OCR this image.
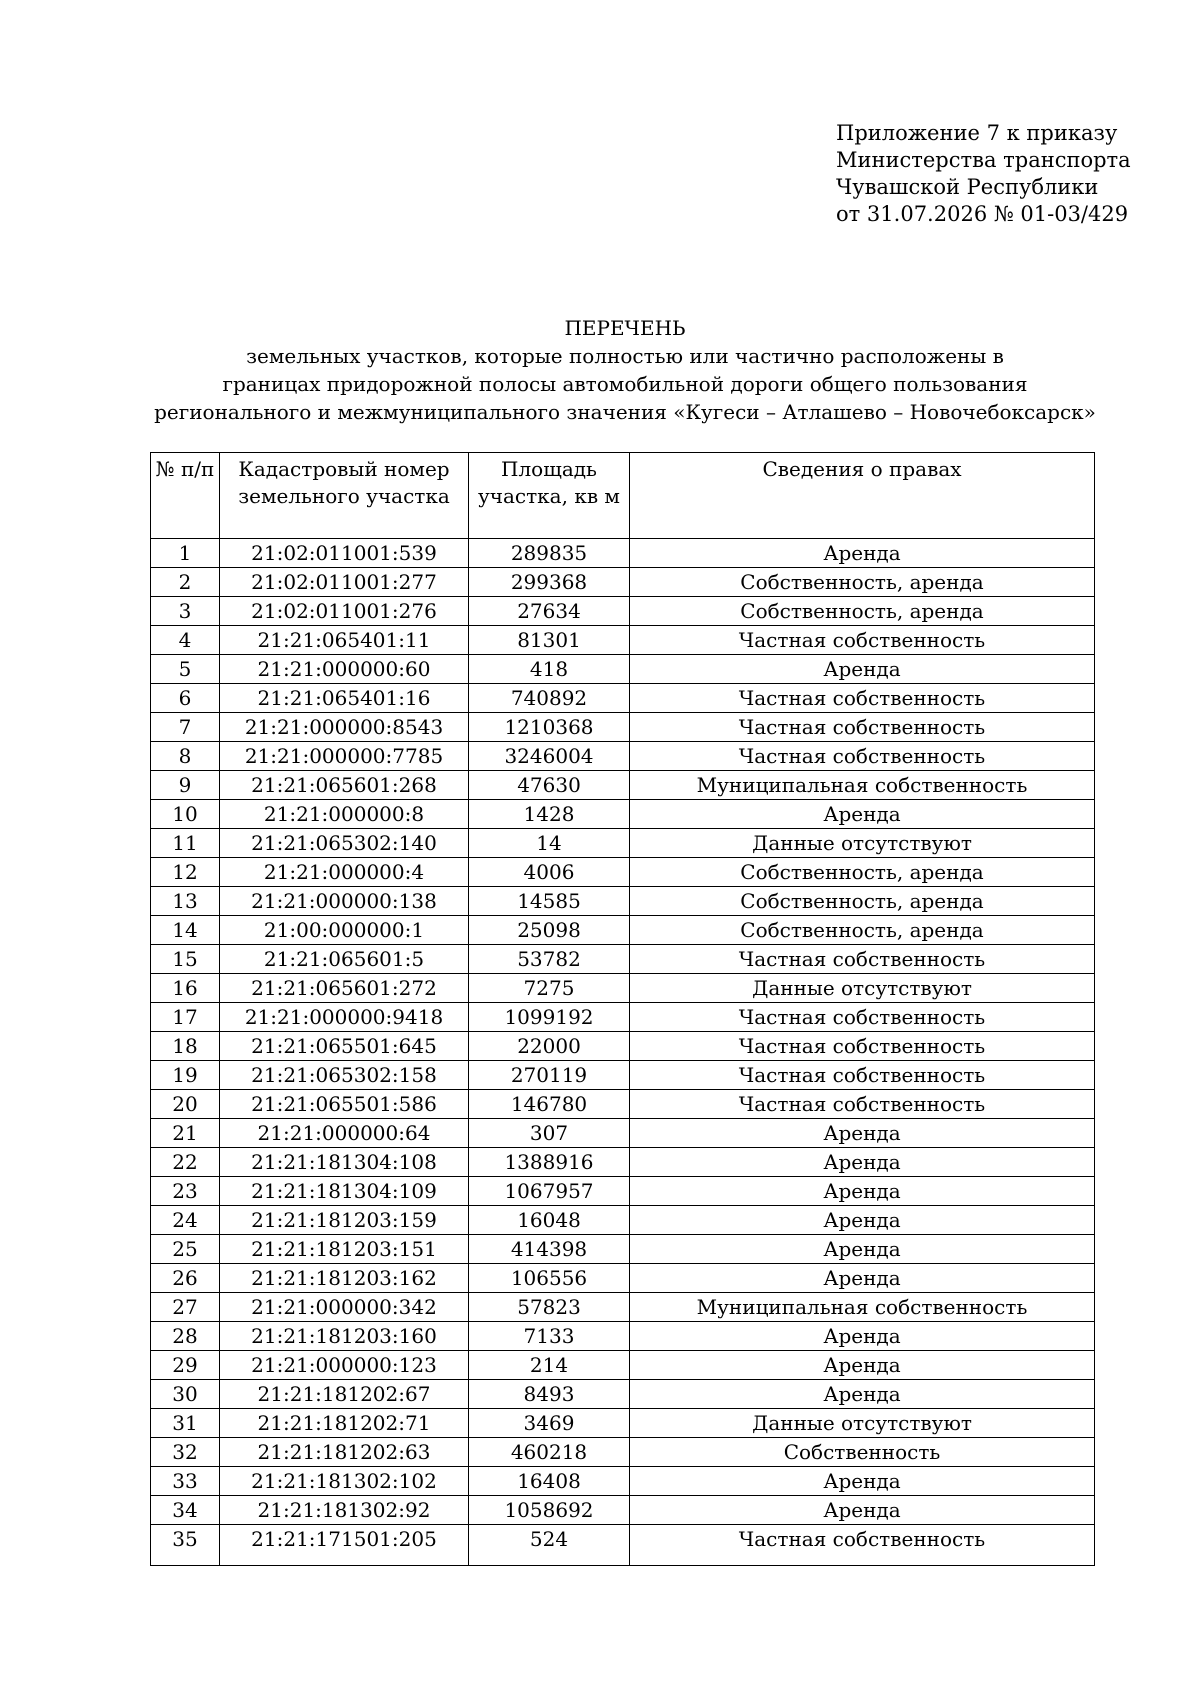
Приложение 7 к приказу
Министерства транспорта
Чувашской Республики
от 31.07.2026 № 01-03/429
ПЕРЕЧЕНЬ
земельных участков, которые полностью или частично расположены в
границах придорожной полосы автомобильной дороги общего пользования
регионального и межмуниципального значения «Кугеси – Атлашево – Новочебоксарск»
№ п/п	Кадастровый номер земельного участка	Площадь участка, кв м	Сведения о правах
1	21:02:011001:539	289835	Аренда
2	21:02:011001:277	299368	Собственность, аренда
3	21:02:011001:276	27634	Собственность, аренда
4	21:21:065401:11	81301	Частная собственность
5	21:21:000000:60	418	Аренда
6	21:21:065401:16	740892	Частная собственность
7	21:21:000000:8543	1210368	Частная собственность
8	21:21:000000:7785	3246004	Частная собственность
9	21:21:065601:268	47630	Муниципальная собственность
10	21:21:000000:8	1428	Аренда
11	21:21:065302:140	14	Данные отсутствуют
12	21:21:000000:4	4006	Собственность, аренда
13	21:21:000000:138	14585	Собственность, аренда
14	21:00:000000:1	25098	Собственность, аренда
15	21:21:065601:5	53782	Частная собственность
16	21:21:065601:272	7275	Данные отсутствуют
17	21:21:000000:9418	1099192	Частная собственность
18	21:21:065501:645	22000	Частная собственность
19	21:21:065302:158	270119	Частная собственность
20	21:21:065501:586	146780	Частная собственность
21	21:21:000000:64	307	Аренда
22	21:21:181304:108	1388916	Аренда
23	21:21:181304:109	1067957	Аренда
24	21:21:181203:159	16048	Аренда
25	21:21:181203:151	414398	Аренда
26	21:21:181203:162	106556	Аренда
27	21:21:000000:342	57823	Муниципальная собственность
28	21:21:181203:160	7133	Аренда
29	21:21:000000:123	214	Аренда
30	21:21:181202:67	8493	Аренда
31	21:21:181202:71	3469	Данные отсутствуют
32	21:21:181202:63	460218	Собственность
33	21:21:181302:102	16408	Аренда
34	21:21:181302:92	1058692	Аренда
35	21:21:171501:205	524	Частная собственность
